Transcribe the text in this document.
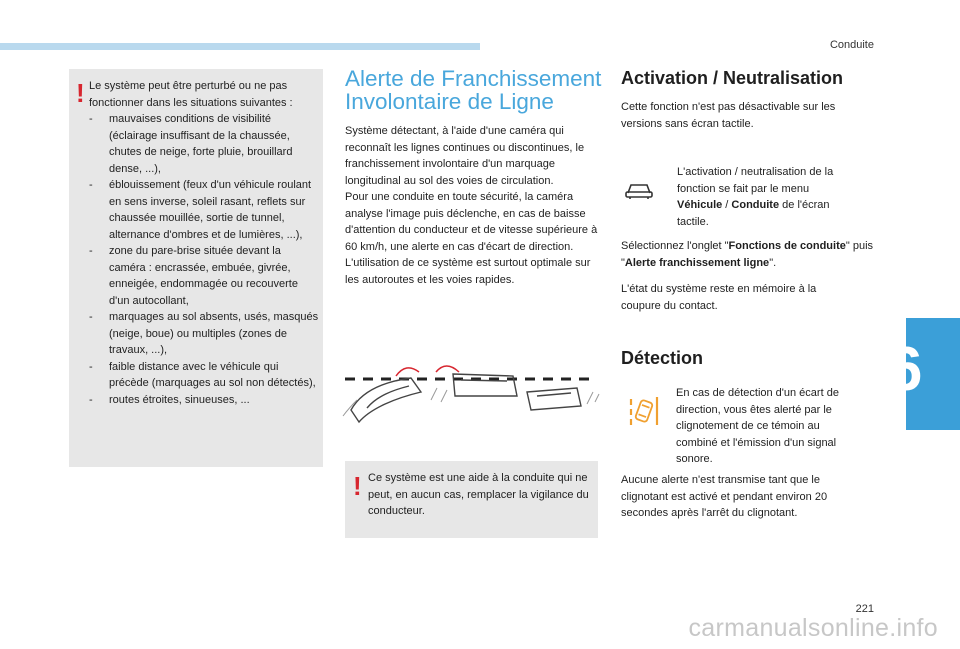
Conduite
! Le système peut être perturbé ou ne pas fonctionner dans les situations suivantes :
- mauvaises conditions de visibilité (éclairage insuffisant de la chaussée, chutes de neige, forte pluie, brouillard dense, ...),
- éblouissement (feux d'un véhicule roulant en sens inverse, soleil rasant, reflets sur chaussée mouillée, sortie de tunnel, alternance d'ombres et de lumières, ...),
- zone du pare-brise située devant la caméra : encrassée, embuée, givrée, enneigée, endommagée ou recouverte d'un autocollant,
- marquages au sol absents, usés, masqués (neige, boue) ou multiples (zones de travaux, ...),
- faible distance avec le véhicule qui précède (marquages au sol non détectés),
- routes étroites, sinueuses, ...
Alerte de Franchissement Involontaire de Ligne
Système détectant, à l'aide d'une caméra qui reconnaît les lignes continues ou discontinues, le franchissement involontaire d'un marquage longitudinal au sol des voies de circulation.
Pour une conduite en toute sécurité, la caméra analyse l'image puis déclenche, en cas de baisse d'attention du conducteur et de vitesse supérieure à 60 km/h, une alerte en cas d'écart de direction.
L'utilisation de ce système est surtout optimale sur les autoroutes et les voies rapides.
! Ce système est une aide à la conduite qui ne peut, en aucun cas, remplacer la vigilance du conducteur.
Activation / Neutralisation

Cette fonction n'est pas désactivable sur les versions sans écran tactile.

L'activation / neutralisation de la fonction se fait par le menu Véhicule / Conduite de l'écran tactile.

Sélectionnez l'onglet "Fonctions de conduite" puis "Alerte franchissement ligne".

L'état du système reste en mémoire à la coupure du contact.

Détection

En cas de détection d'un écart de direction, vous êtes alerté par le clignotement de ce témoin au combiné et l'émission d'un signal sonore.

Aucune alerte n'est transmise tant que le clignotant est activé et pendant environ 20 secondes après l'arrêt du clignotant.

6
221
carmanualsonline.info
